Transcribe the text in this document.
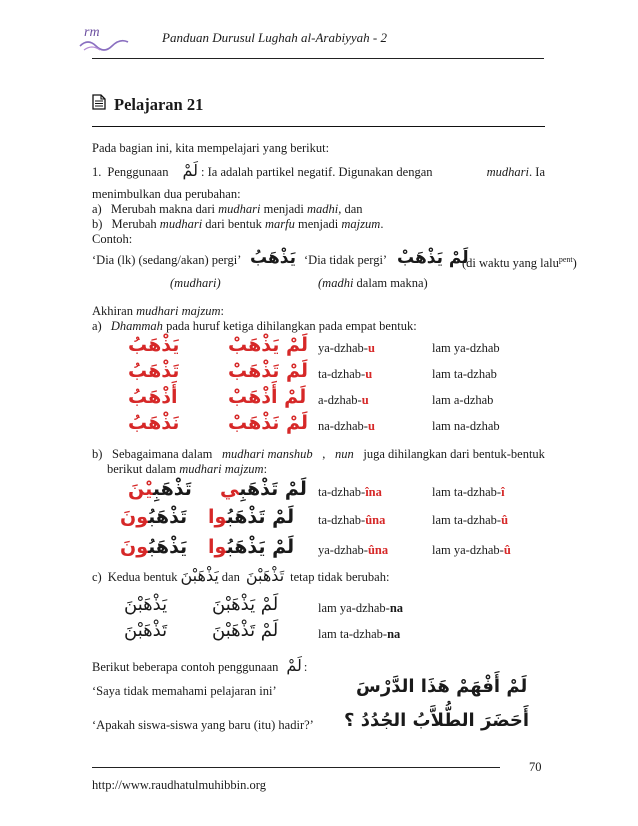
rm	Panduan Durusul Lughah al-Arabiyyah - 2
Pelajaran 21
Pada bagian ini, kita mempelajari yang berikut:
1. Penggunaan لَمْ : Ia adalah partikel negatif. Digunakan dengan	mudhari. Ia
menimbulkan dua perubahan:
a) Merubah makna dari mudhari menjadi madhi, dan
b) Merubah mudhari dari bentuk marfu menjadi majzum.
Contoh:
‘Dia (lk) (sedang/akan) pergi’ يَذْهَبُ ‘Dia tidak pergi’ لَمْ يَذْهَبْ
(di waktu yang lalu$^{pent}$)
(mudhari)	(madhi dalam makna)
Akhiran mudhari majzum:
a) Dhammah pada huruf ketiga dihilangkan pada empat bentuk:
يَذْهَبُ	لَمْ يَذْهَبْ ya-dzhab-u	lam ya-dzhab
تَذْهَبُ	لَمْ تَذْهَبْ ta-dzhab-u	lam ta-dzhab
أَذْهَبُ	لَمْ أَذْهَبْ a-dzhab-u	lam a-dzhab
نَذْهَبُ	لَمْ نَذْهَبْ na-dzhab-u	lam na-dzhab
b) Sebagaimana dalam mudhari manshub , nun juga dihilangkan dari bentuk-bentuk
berikut dalam mudhari majzum:
تَذْهَبِيْنَ	لَمْ تَذْهَبِي	ta-dzhab-îna	lam ta-dzhab-î
تَذْهَبُونَ	لَمْ تَذْهَبُوا	ta-dzhab-ûna	lam ta-dzhab-û
يَذْهَبُونَ	لَمْ يَذْهَبُوا	ya-dzhab-ûna	lam ya-dzhab-û
c) Kedua bentuk يَذْهَبْنَ dan تَذْهَبْنَ tetap tidak berubah:
يَذْهَبْنَ لَمْ يَذْهَبْنَ	lam ya-dzhab-na
تَذْهَبْنَ لَمْ تَذْهَبْنَ	lam ta-dzhab-na
Berikut beberapa contoh penggunaan لَمْ :
‘Saya tidak memahami pelajaran ini’	لَمْ أَفْهَمْ هَذَا الدَّرْسَ
‘Apakah siswa-siswa yang baru (itu) hadir?’ أَحَضَرَ الطُّلاَّبُ الجُدُدُ ؟
70
http://www.raudhatulmuhibbin.org
